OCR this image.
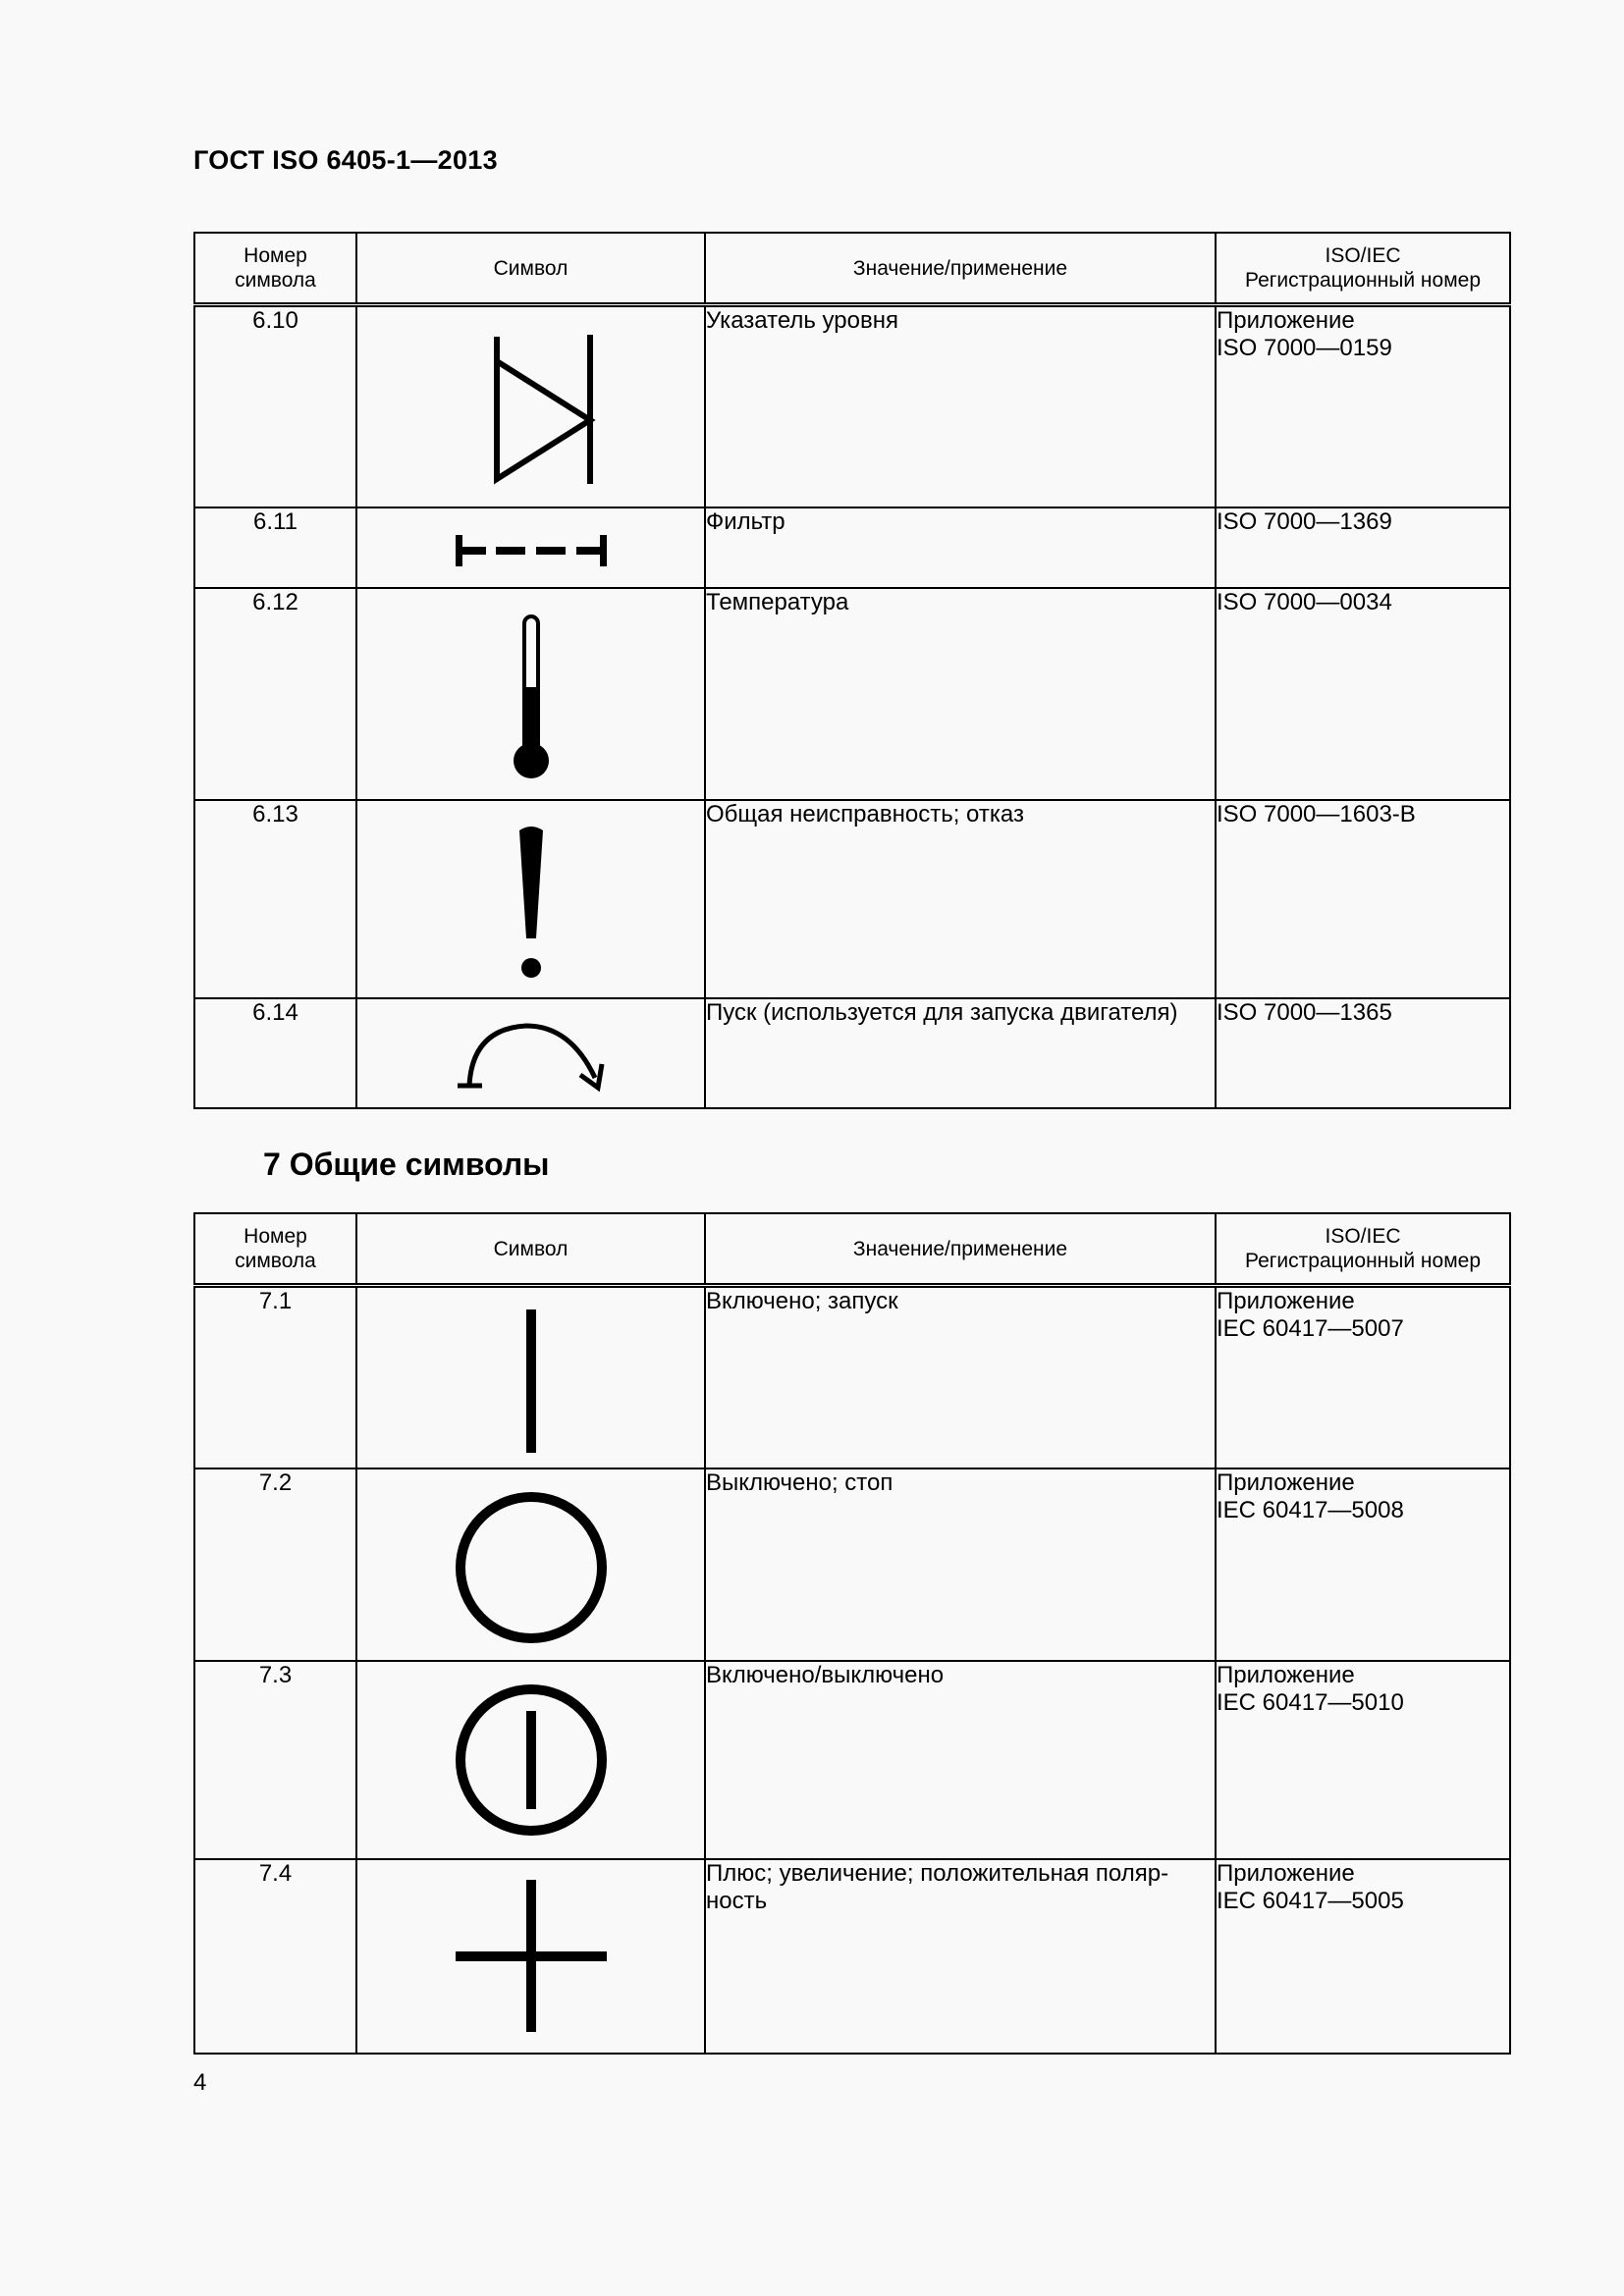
ГОСТ ISO 6405-1—2013
Номер
символа	Символ	Значение/применение	ISO/IEC
Регистрационный номер

6.10		Указатель уровня	Приложение
ISO 7000—0159

6.11		Фильтр	ISO 7000—1369

6.12		Температура	ISO 7000—0034

6.13		Общая неисправность; отказ	ISO 7000—1603-B

6.14		Пуск (используется для запуска двигателя)	ISO 7000—1365
7 Общие символы
Номер
символа	Символ	Значение/применение	ISO/IEC
Регистрационный номер

7.1		Включено; запуск	Приложение
IEC 60417—5007

7.2		Выключено; стоп	Приложение
IEC 60417—5008

7.3		Включено/выключено	Приложение
IEC 60417—5010

7.4		Плюс; увеличение; положительная поляр-
ность	Приложение
IEC 60417—5005
4
